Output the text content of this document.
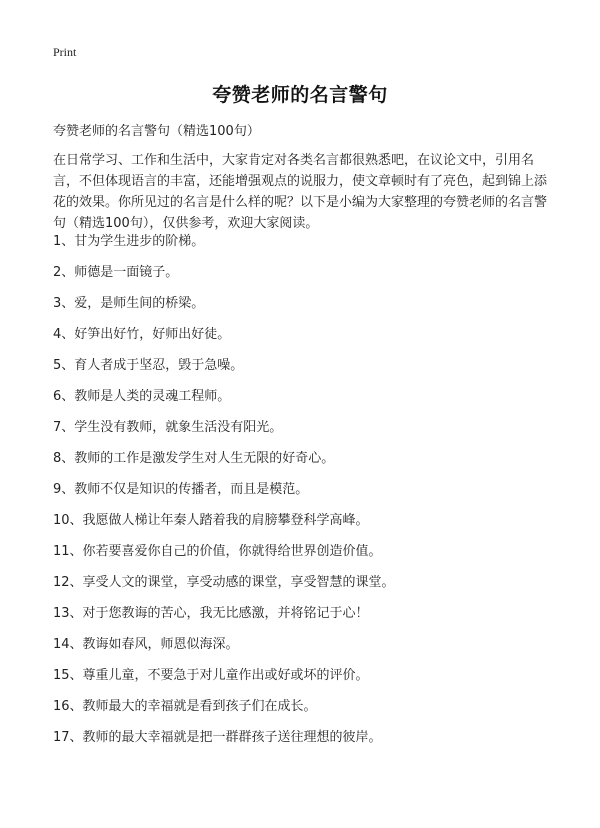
Print
夸赞老师的名言警句
夸赞老师的名言警句（精选100句）

在日常学习、工作和生活中，大家肯定对各类名言都很熟悉吧，在议论文中，引用名言，不但体现语言的丰富，还能增强观点的说服力，使文章顿时有了亮色，起到锦上添花的效果。你所见过的名言是什么样的呢？以下是小编为大家整理的夸赞老师的名言警句（精选100句），仅供参考，欢迎大家阅读。

1、甘为学生进步的阶梯。
2、师德是一面镜子。
3、爱，是师生间的桥梁。
4、好笋出好竹，好师出好徒。
5、育人者成于坚忍，毁于急噪。
6、教师是人类的灵魂工程师。
7、学生没有教师，就象生活没有阳光。
8、教师的工作是激发学生对人生无限的好奇心。
9、教师不仅是知识的传播者，而且是模范。
10、我愿做人梯让年秦人踏着我的肩膀攀登科学高峰。
11、你若要喜爱你自己的价值，你就得给世界创造价值。
12、享受人文的课堂，享受动感的课堂，享受智慧的课堂。
13、对于您教诲的苦心，我无比感激，并将铭记于心！
14、教诲如春风，师恩似海深。
15、尊重儿童，不要急于对儿童作出或好或坏的评价。
16、教师最大的幸福就是看到孩子们在成长。
17、教师的最大幸福就是把一群群孩子送往理想的彼岸。
